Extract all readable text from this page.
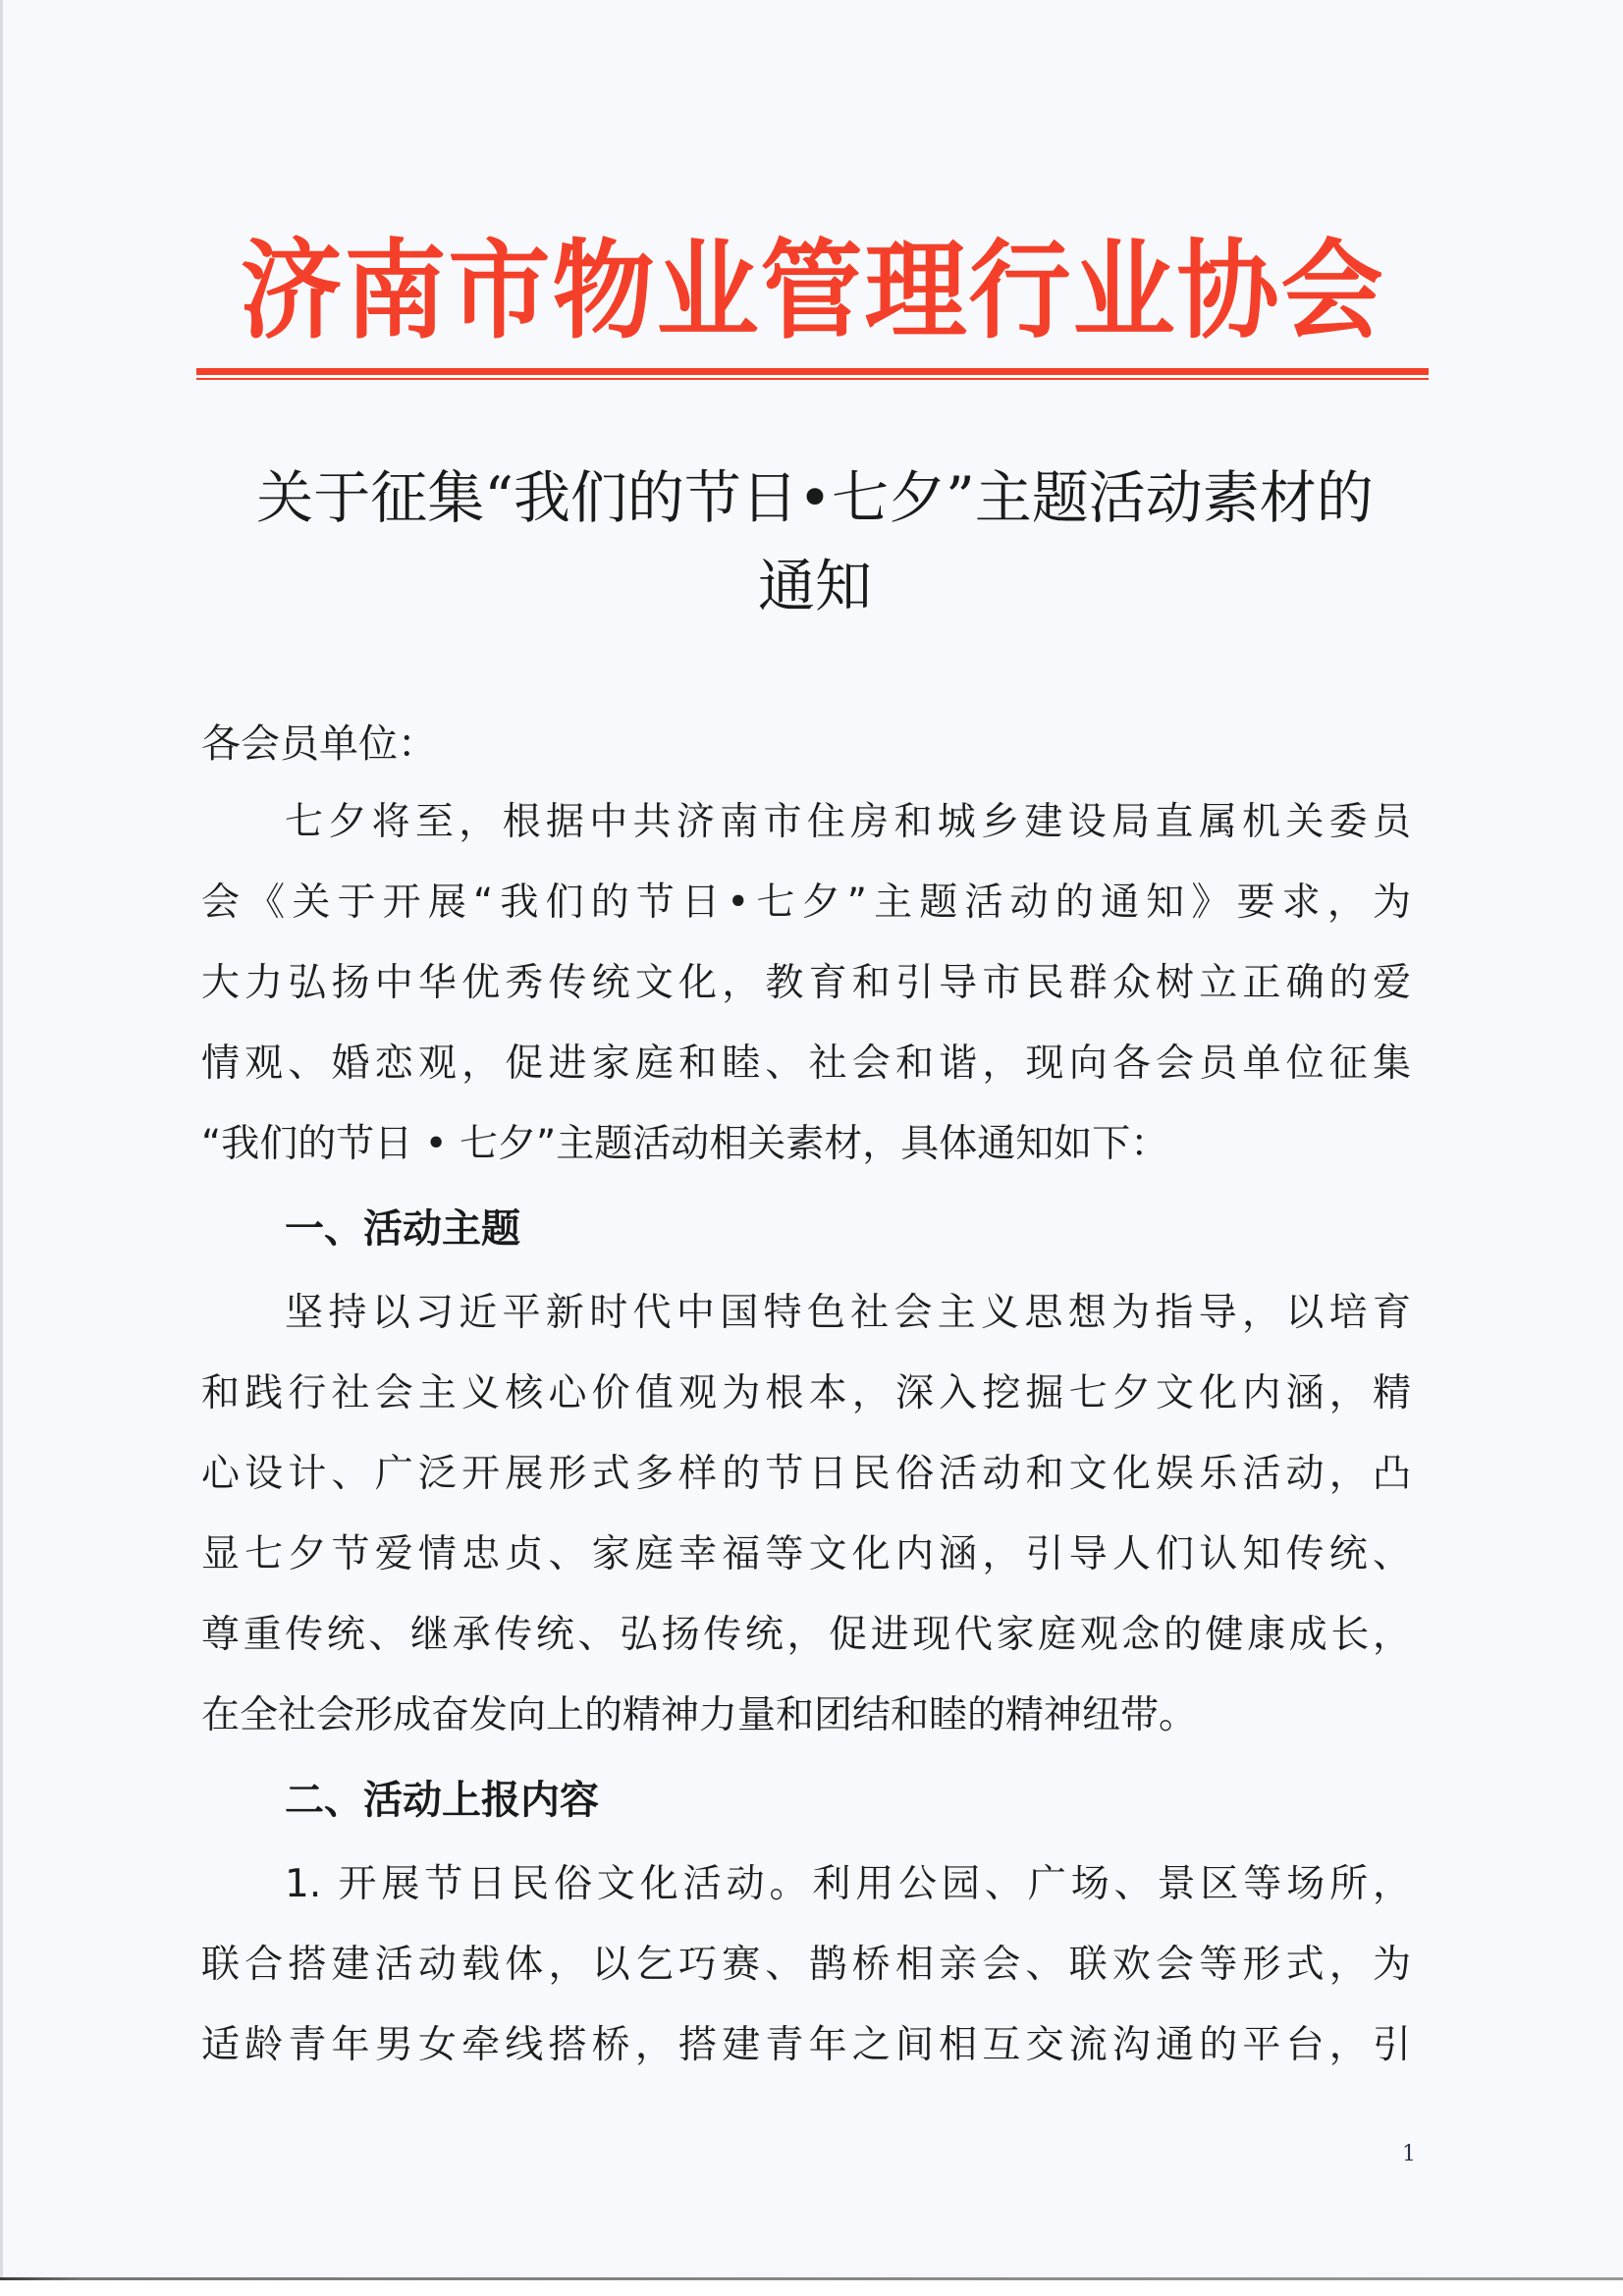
济南市物业管理行业协会
关于征集“我们的节日•七夕”主题活动素材的
通知
各会员单位：
七夕将至，根据中共济南市住房和城乡建设局直属机关委员
会《关于开展“我们的节日•七夕”主题活动的通知》要求，为
大力弘扬中华优秀传统文化，教育和引导市民群众树立正确的爱
情观、婚恋观，促进家庭和睦、社会和谐，现向各会员单位征集
“我们的节日 • 七夕”主题活动相关素材，具体通知如下：
一、活动主题
坚持以习近平新时代中国特色社会主义思想为指导，以培育
和践行社会主义核心价值观为根本，深入挖掘七夕文化内涵，精
心设计、广泛开展形式多样的节日民俗活动和文化娱乐活动，凸
显七夕节爱情忠贞、家庭幸福等文化内涵，引导人们认知传统、
尊重传统、继承传统、弘扬传统，促进现代家庭观念的健康成长，
在全社会形成奋发向上的精神力量和团结和睦的精神纽带。
二、活动上报内容
1. 开展节日民俗文化活动。利用公园、广场、景区等场所，
联合搭建活动载体，以乞巧赛、鹊桥相亲会、联欢会等形式，为
适龄青年男女牵线搭桥，搭建青年之间相互交流沟通的平台，引
1
